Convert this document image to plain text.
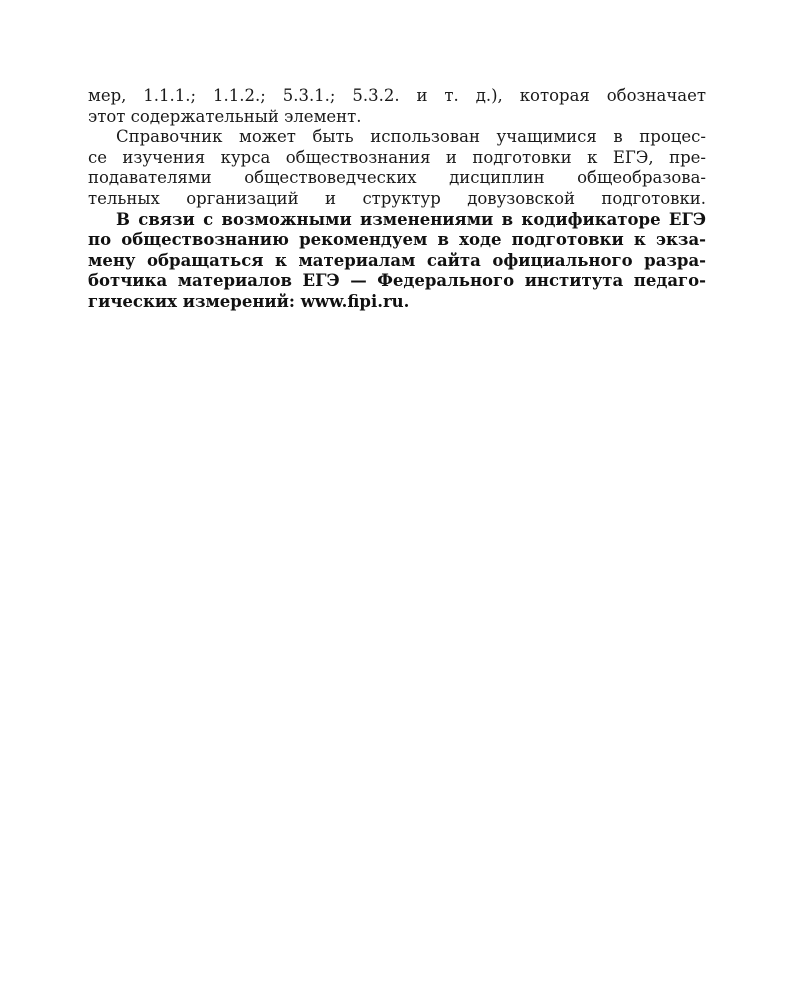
мер, 1.1.1.; 1.1.2.; 5.3.1.; 5.3.2. и т. д.), которая обозначает
этот содержательный элемент.
Справочник может быть использован учащимися в процес-
се изучения курса обществознания и подготовки к ЕГЭ, пре-
подавателями обществоведческих дисциплин общеобразова-
тельных организаций и структур довузовской подготовки.
В связи с возможными изменениями в кодификаторе ЕГЭ
по обществознанию рекомендуем в ходе подготовки к экза-
мену обращаться к материалам сайта официального разра-
ботчика материалов ЕГЭ — Федерального института педаго-
гических измерений: www.fipi.ru.
